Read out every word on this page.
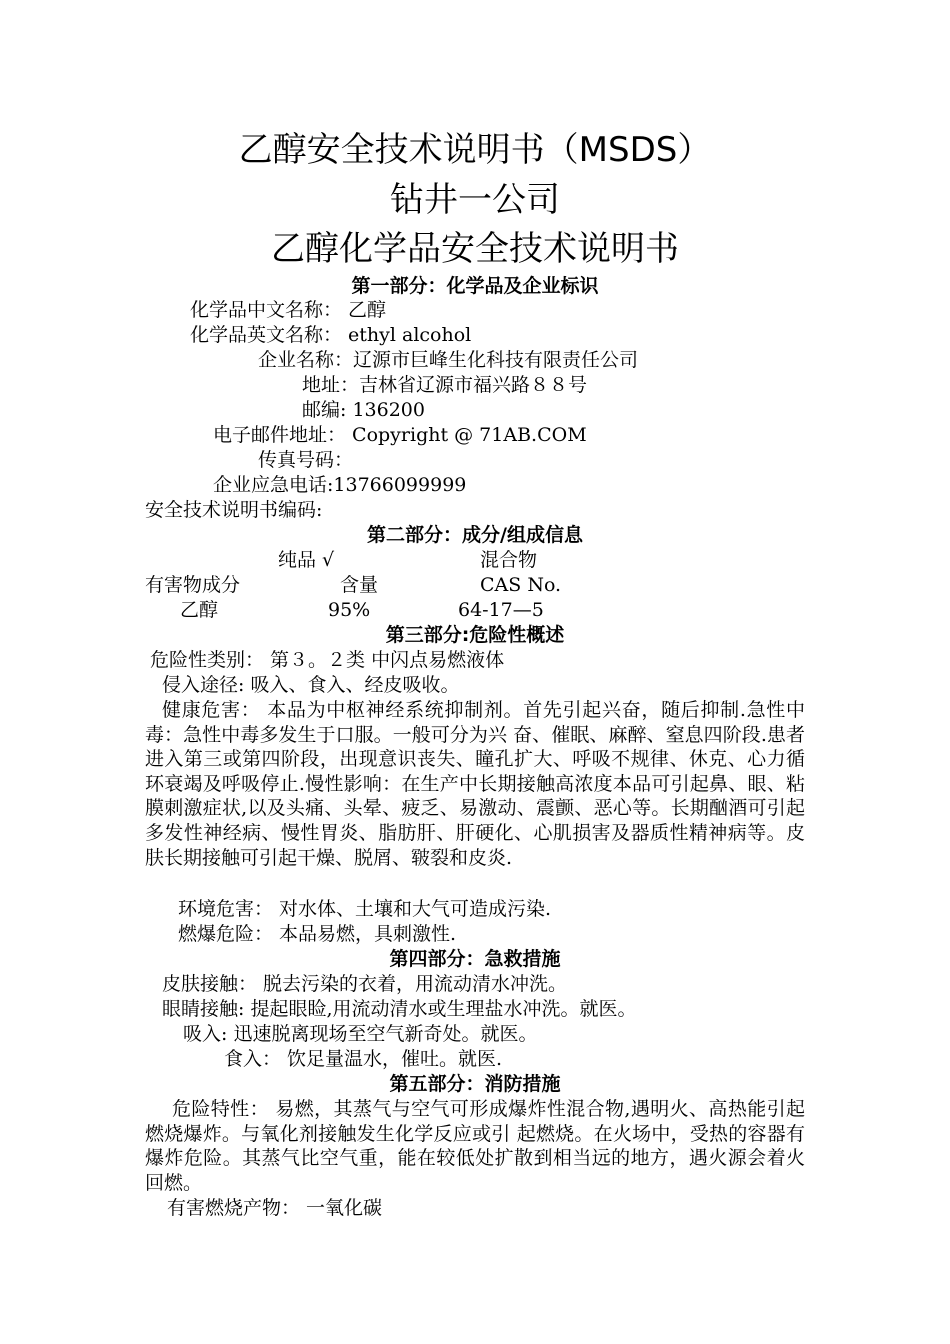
乙醇安全技术说明书（MSDS）
钻井一公司
乙醇化学品安全技术说明书
第一部分：化学品及企业标识
化学品中文名称： 乙醇
化学品英文名称： ethyl alcohol
企业名称：辽源市巨峰生化科技有限责任公司
地址：吉林省辽源市福兴路８８号
邮编: 136200
电子邮件地址： Copyright @ 71AB.COM
传真号码：
企业应急电话:13766099999
安全技术说明书编码:
第二部分：成分/组成信息
纯品 √	混合物
有害物成分	含量	CAS No.
乙醇	95%	64-17—5
第三部分:危险性概述
危险性类别： 第３。２类 中闪点易燃液体
侵入途径: 吸入、食入、经皮吸收。
健康危害： 本品为中枢神经系统抑制剂。首先引起兴奋，随后抑制.急性中毒：急性中毒多发生于口服。一般可分为兴 奋、催眠、麻醉、窒息四阶段.患者进入第三或第四阶段，出现意识丧失、瞳孔扩大、呼吸不规律、休克、心力循环衰竭及呼吸停止.慢性影响：在生产中长期接触高浓度本品可引起鼻、眼、粘膜刺激症状,以及头痛、头晕、疲乏、易激动、震颤、恶心等。长期酗酒可引起多发性神经病、慢性胃炎、脂肪肝、肝硬化、心肌损害及器质性精神病等。皮肤长期接触可引起干燥、脱屑、皲裂和皮炎.
环境危害： 对水体、土壤和大气可造成污染.
燃爆危险： 本品易燃，具刺激性.
第四部分：急救措施
皮肤接触： 脱去污染的衣着，用流动清水冲洗。
眼睛接触: 提起眼睑,用流动清水或生理盐水冲洗。就医。
吸入: 迅速脱离现场至空气新奇处。就医。
食入： 饮足量温水，催吐。就医.
第五部分：消防措施
危险特性： 易燃，其蒸气与空气可形成爆炸性混合物,遇明火、高热能引起燃烧爆炸。与氧化剂接触发生化学反应或引 起燃烧。在火场中，受热的容器有爆炸危险。其蒸气比空气重，能在较低处扩散到相当远的地方，遇火源会着火回燃。
有害燃烧产物： 一氧化碳
